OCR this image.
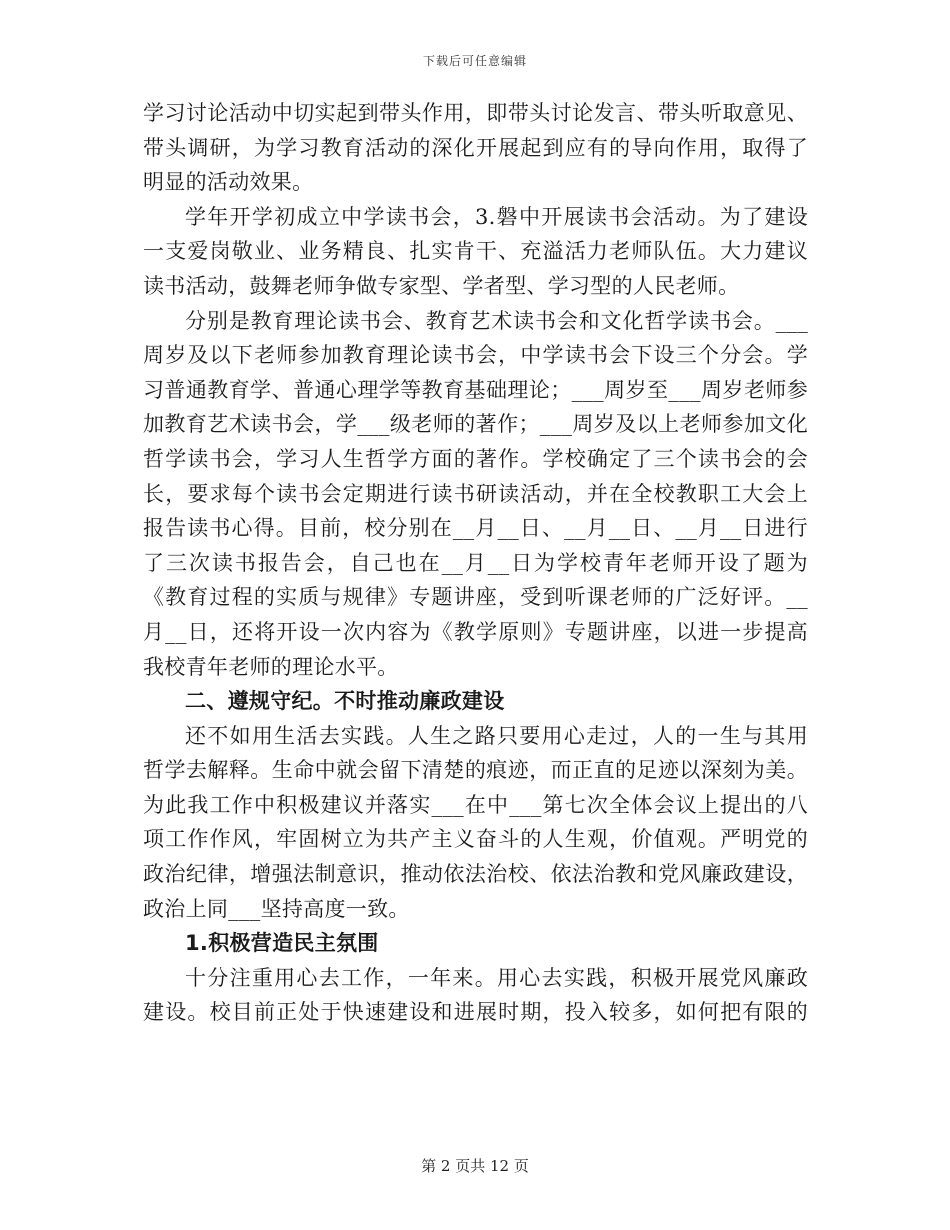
下载后可任意编辑
学习讨论活动中切实起到带头作用，即带头讨论发言、带头听取意见、
带头调研，为学习教育活动的深化开展起到应有的导向作用，取得了
明显的活动效果。
学年开学初成立中学读书会，3.磐中开展读书会活动。为了建设
一支爱岗敬业、业务精良、扎实肯干、充溢活力老师队伍。大力建议
读书活动，鼓舞老师争做专家型、学者型、学习型的人民老师。
分别是教育理论读书会、教育艺术读书会和文化哲学读书会。___
周岁及以下老师参加教育理论读书会，中学读书会下设三个分会。学
习普通教育学、普通心理学等教育基础理论；___周岁至___周岁老师参
加教育艺术读书会，学___级老师的著作；___周岁及以上老师参加文化
哲学读书会，学习人生哲学方面的著作。学校确定了三个读书会的会
长，要求每个读书会定期进行读书研读活动，并在全校教职工大会上
报告读书心得。目前，校分别在__月__日、__月__日、__月__日进行
了三次读书报告会，自己也在__月__日为学校青年老师开设了题为
《教育过程的实质与规律》专题讲座，受到听课老师的广泛好评。__
月__日，还将开设一次内容为《教学原则》专题讲座，以进一步提高
我校青年老师的理论水平。
二、遵规守纪。不时推动廉政建设
还不如用生活去实践。人生之路只要用心走过，人的一生与其用
哲学去解释。生命中就会留下清楚的痕迹，而正直的足迹以深刻为美。
为此我工作中积极建议并落实___在中___第七次全体会议上提出的八
项工作作风，牢固树立为共产主义奋斗的人生观，价值观。严明党的
政治纪律，增强法制意识，推动依法治校、依法治教和党风廉政建设，
政治上同___坚持高度一致。
1.积极营造民主氛围
十分注重用心去工作，一年来。用心去实践，积极开展党风廉政
建设。校目前正处于快速建设和进展时期，投入较多，如何把有限的
第 2 页共 12 页
